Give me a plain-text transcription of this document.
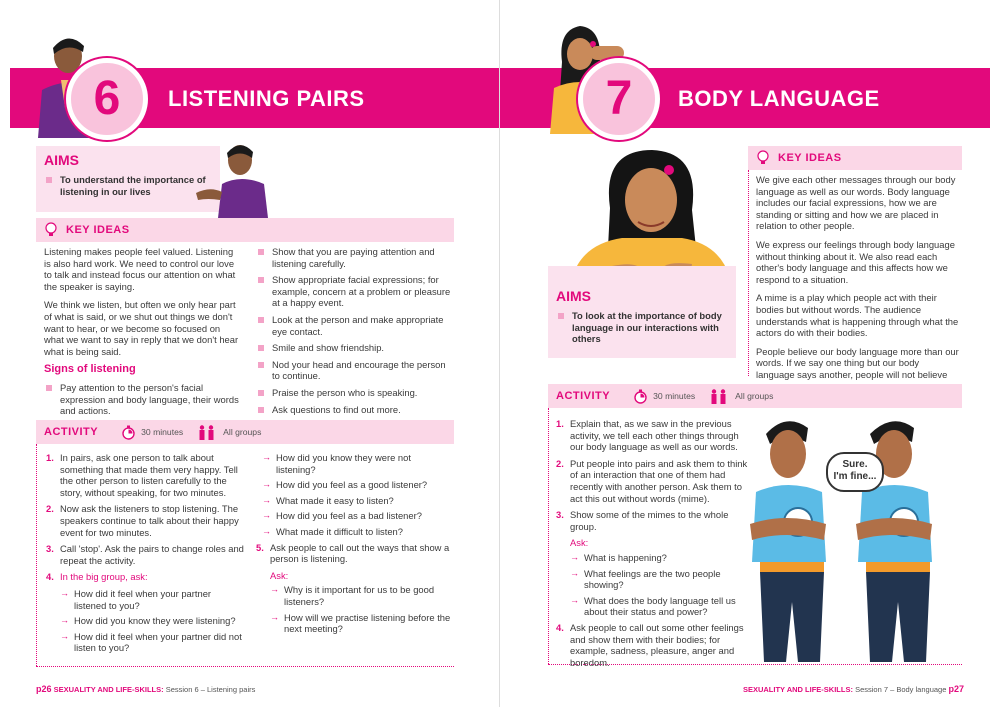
6	LISTENING PAIRS
AIMS
To understand the importance of listening in our lives
KEY IDEAS

Listening makes people feel valued. Listening is also hard work. We need to control our love to talk and instead focus our attention on what the speaker is saying.

We think we listen, but often we only hear part of what is said, or we shut out things we don't want to hear, or we become so focused on what we want to say in reply that we don't hear what is being said.

Signs of listening
Pay attention to the person's facial expression and body language, their words and actions.
Show that you are paying attention and listening carefully.
Show appropriate facial expressions; for example, concern at a problem or pleasure at a happy event.
Look at the person and make appropriate eye contact.
Smile and show friendship.
Nod your head and encourage the person to continue.
Praise the person who is speaking.
Ask questions to find out more.
ACTIVITY	30 minutes	All groups
1. In pairs, ask one person to talk about something that made them very happy. Tell the other person to listen carefully to the story, without speaking, for two minutes.
2. Now ask the listeners to stop listening. The speakers continue to talk about their happy event for two minutes.
3. Call 'stop'. Ask the pairs to change roles and repeat the activity.
4. In the big group, ask:
→ How did it feel when your partner listened to you?
→ How did you know they were listening?
→ How did it feel when your partner did not listen to you?
→ How did you know they were not listening?
→ How did you feel as a good listener?
→ What made it easy to listen?
→ How did you feel as a bad listener?
→ What made it difficult to listen?
5. Ask people to call out the ways that show a person is listening.
Ask:
→ Why is it important for us to be good listeners?
→ How will we practise listening before the next meeting?
p26 SEXUALITY AND LIFE-SKILLS: Session 6 – Listening pairs
7	BODY LANGUAGE
AIMS
To look at the importance of body language in our interactions with others
KEY IDEAS

We give each other messages through our body language as well as our words. Body language includes our facial expressions, how we are standing or sitting and how we are placed in relation to other people.

We express our feelings through body language without thinking about it. We also read each other's body language and this affects how we respond to a situation.

A mime is a play which people act with their bodies but without words. The audience understands what is happening through what the actors do with their bodies.

People believe our body language more than our words. If we say one thing but our body language says another, people will not believe

ACTIVITY	30 minutes	All groups
1. Explain that, as we saw in the previous activity, we tell each other things through our body language as well as our words.
2. Put people into pairs and ask them to think of an interaction that one of them had recently with another person. Ask them to act this out without words (mime).
3. Show some of the mimes to the whole group.
Ask:
→ What is happening?
→ What feelings are the two people showing?
→ What does the body language tell us about their status and power?
4. Ask people to call out some other feelings and show them with their bodies; for example, sadness, pleasure, anger and boredom.
Sure.
I'm fine...
SEXUALITY AND LIFE-SKILLS: Session 7 – Body language p27
